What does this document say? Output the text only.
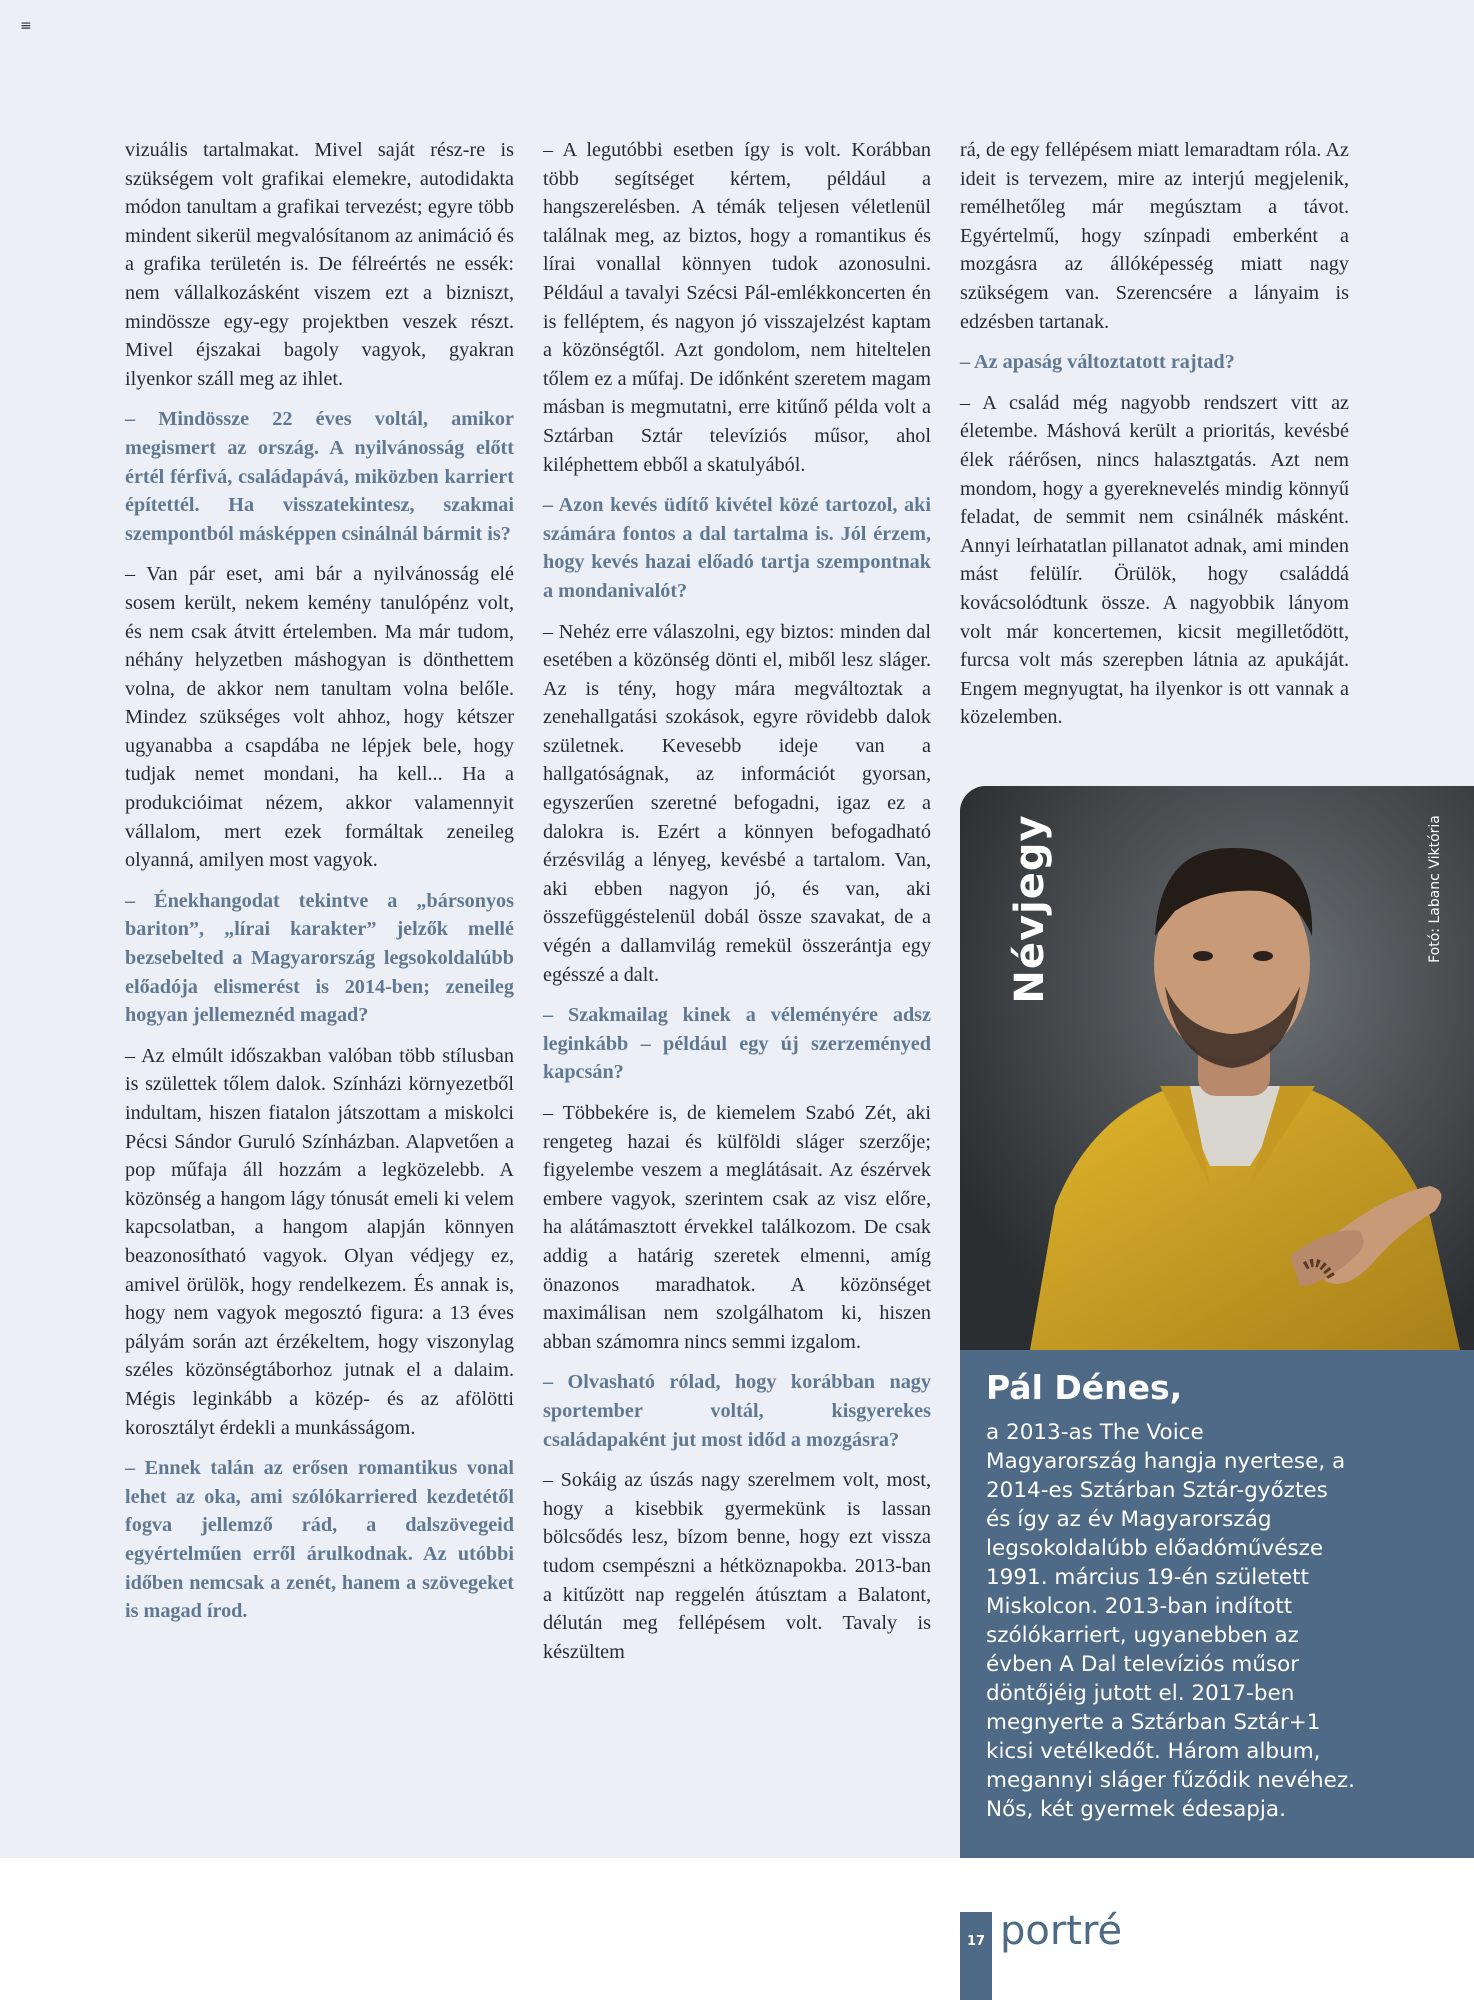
≡

vizuális tartalmakat. Mivel saját rész-re is szükségem volt grafikai elemekre, autodidakta módon tanultam a grafikai tervezést; egyre több mindent sikerül megvalósítanom az animáció és a grafika területén is. De félreértés ne essék: nem vállalkozásként viszem ezt a bizniszt, mindössze egy-egy projektben veszek részt. Mivel éjszakai bagoly vagyok, gyakran ilyenkor száll meg az ihlet.

– Mindössze 22 éves voltál, amikor megismert az ország. A nyilvánosság előtt értél férfivá, családapává, miközben karriert építettél. Ha visszatekintesz, szakmai szempontból másképpen csinálnál bármit is?

– Van pár eset, ami bár a nyilvánosság elé sosem került, nekem kemény tanulópénz volt, és nem csak átvitt értelemben. Ma már tudom, néhány helyzetben máshogyan is dönthettem volna, de akkor nem tanultam volna belőle. Mindez szükséges volt ahhoz, hogy kétszer ugyanabba a csapdába ne lépjek bele, hogy tudjak nemet mondani, ha kell... Ha a produkcióimat nézem, akkor valamennyit vállalom, mert ezek formáltak zeneileg olyanná, amilyen most vagyok.

– Énekhangodat tekintve a „bársonyos bariton”, „lírai karakter” jelzők mellé bezsebelted a Magyarország legsokoldalúbb előadója elismerést is 2014-ben; zeneileg hogyan jellemeznéd magad?

– Az elmúlt időszakban valóban több stílusban is születtek tőlem dalok. Színházi környezetből indultam, hiszen fiatalon játszottam a miskolci Pécsi Sándor Guruló Színházban. Alapvetően a pop műfaja áll hozzám a legközelebb. A közönség a hangom lágy tónusát emeli ki velem kapcsolatban, a hangom alapján könnyen beazonosítható vagyok. Olyan védjegy ez, amivel örülök, hogy rendelkezem. És annak is, hogy nem vagyok megosztó figura: a 13 éves pályám során azt érzékeltem, hogy viszonylag széles közönségtáborhoz jutnak el a dalaim. Mégis leginkább a közép- és az afölötti korosztályt érdekli a munkásságom.

– Ennek talán az erősen romantikus vonal lehet az oka, ami szólókarriered kezdetétől fogva jellemző rád, a dalszövegeid egyértelműen erről árulkodnak. Az utóbbi időben nemcsak a zenét, hanem a szövegeket is magad írod.

– A legutóbbi esetben így is volt. Korábban több segítséget kértem, például a hangszerelésben. A témák teljesen véletlenül találnak meg, az biztos, hogy a romantikus és lírai vonallal könnyen tudok azonosulni. Például a tavalyi Szécsi Pál-emlékkoncerten én is felléptem, és nagyon jó visszajelzést kaptam a közönségtől. Azt gondolom, nem hiteltelen tőlem ez a műfaj. De időnként szeretem magam másban is megmutatni, erre kitűnő példa volt a Sztárban Sztár televíziós műsor, ahol kiléphettem ebből a skatulyából.

– Azon kevés üdítő kivétel közé tartozol, aki számára fontos a dal tartalma is. Jól érzem, hogy kevés hazai előadó tartja szempontnak a mondanivalót?

– Nehéz erre válaszolni, egy biztos: minden dal esetében a közönség dönti el, miből lesz sláger. Az is tény, hogy mára megváltoztak a zenehallgatási szokások, egyre rövidebb dalok születnek. Kevesebb ideje van a hallgatóságnak, az információt gyorsan, egyszerűen szeretné befogadni, igaz ez a dalokra is. Ezért a könnyen befogadható érzésvilág a lényeg, kevésbé a tartalom. Van, aki ebben nagyon jó, és van, aki összefüggéstelenül dobál össze szavakat, de a végén a dallamvilág remekül összerántja egy egésszé a dalt.

– Szakmailag kinek a véleményére adsz leginkább – például egy új szerzeményed kapcsán?

– Többekére is, de kiemelem Szabó Zét, aki rengeteg hazai és külföldi sláger szerzője; figyelembe veszem a meglátásait. Az észérvek embere vagyok, szerintem csak az visz előre, ha alátámasztott érvekkel találkozom. De csak addig a határig szeretek elmenni, amíg önazonos maradhatok. A közönséget maximálisan nem szolgálhatom ki, hiszen abban számomra nincs semmi izgalom.

– Olvasható rólad, hogy korábban nagy sportember voltál, kisgyerekes családapaként jut most időd a mozgásra?

– Sokáig az úszás nagy szerelmem volt, most, hogy a kisebbik gyermekünk is lassan bölcsődés lesz, bízom benne, hogy ezt vissza tudom csempészni a hétköznapokba. 2013-ban a kitűzött nap reggelén átúsztam a Balatont, délután meg fellépésem volt. Tavaly is készültem

rá, de egy fellépésem miatt lemaradtam róla. Az ideit is tervezem, mire az interjú megjelenik, remélhetőleg már megúsztam a távot. Egyértelmű, hogy színpadi emberként a mozgásra az állóképesség miatt nagy szükségem van. Szerencsére a lányaim is edzésben tartanak.

– Az apaság változtatott rajtad?

– A család még nagyobb rendszert vitt az életembe. Máshová került a prioritás, kevésbé élek ráérősen, nincs halasztgatás. Azt nem mondom, hogy a gyereknevelés mindig könnyű feladat, de semmit nem csinálnék másként. Annyi leírhatatlan pillanatot adnak, ami minden mást felülír. Örülök, hogy családdá kovácsolódtunk össze. A nagyobbik lányom volt már koncertemen, kicsit megilletődött, furcsa volt más szerepben látnia az apukáját. Engem megnyugtat, ha ilyenkor is ott vannak a közelemben.

Névjegy	Fotó: Labanc Viktória
Pál Dénes,
a 2013-as The Voice Magyarország hangja nyertese, a 2014-es Sztárban Sztár-győztes és így az év Magyarország legsokoldalúbb előadóművésze 1991. március 19-én született Miskolcon. 2013-ban indított szólókarriert, ugyanebben az évben A Dal televíziós műsor döntőjéig jutott el. 2017-ben megnyerte a Sztárban Sztár+1 kicsi vetélkedőt. Három album, megannyi sláger fűződik nevéhez. Nős, két gyermek édesapja.
17 portré
